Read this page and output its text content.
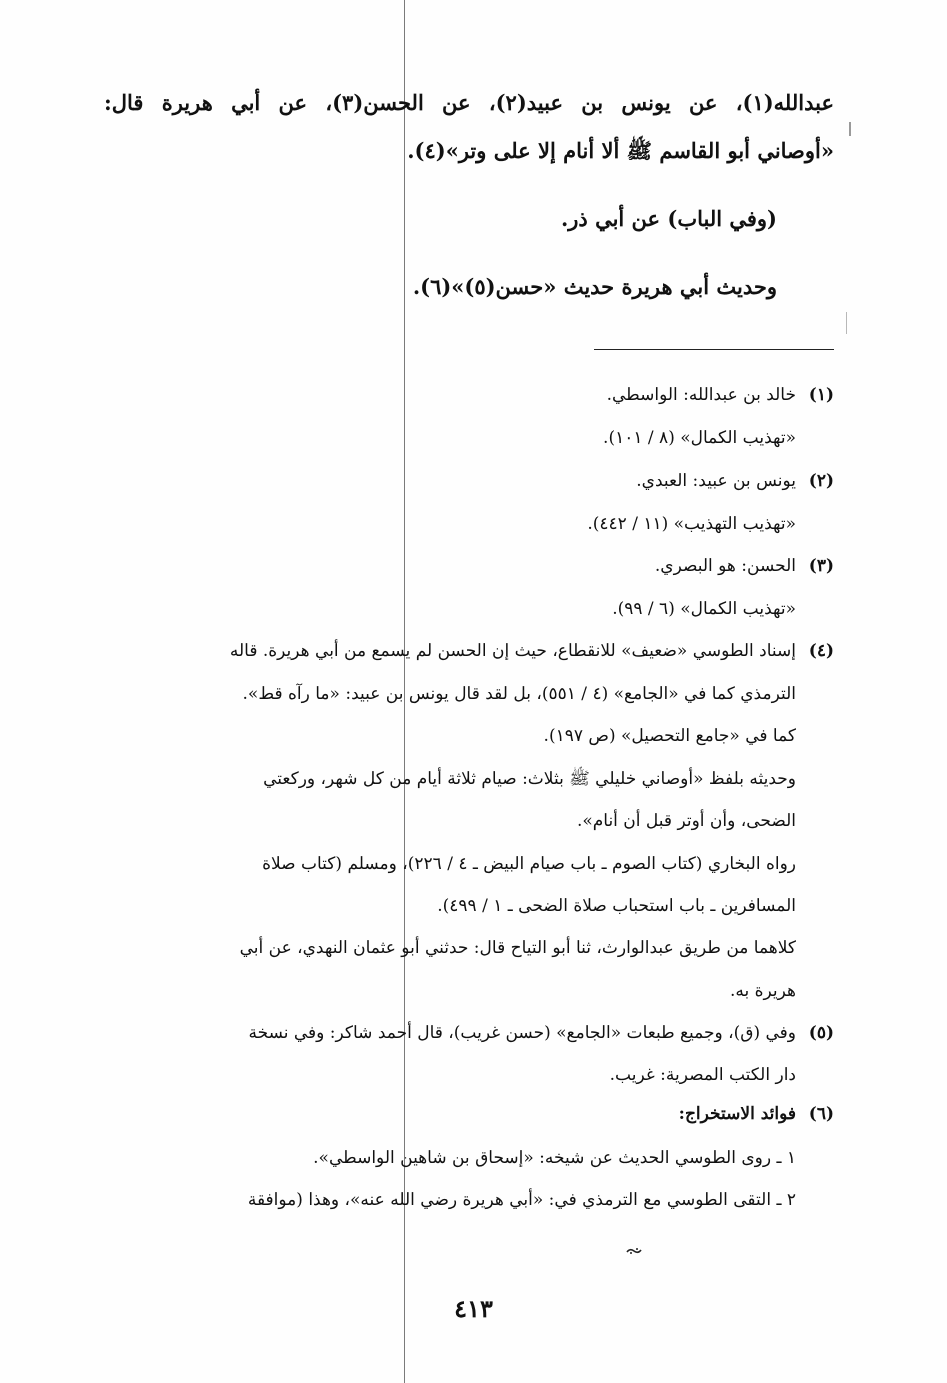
عبدالله(١)، عن يونس بن عبيد(٢)، عن الحسن(٣)، عن أبي هريرة قال:
«أوصاني أبو القاسم ﷺ ألا أنام إلا على وتر»(٤).
(وفي الباب) عن أبي ذر.
وحديث أبي هريرة حديث «حسن(٥)»(٦).
(١)خالد بن عبدالله: الواسطي.
«تهذيب الكمال» (٨ / ١٠١).
(٢)يونس بن عبيد: العبدي.
«تهذيب التهذيب» (١١ / ٤٤٢).
(٣)الحسن: هو البصري.
«تهذيب الكمال» (٦ / ٩٩).
(٤)إسناد الطوسي «ضعيف» للانقطاع، حيث إن الحسن لم يسمع من أبي هريرة. قاله
الترمذي كما في «الجامع» (٤ / ٥٥١)، بل لقد قال يونس بن عبيد: «ما رآه قط».
كما في «جامع التحصيل» (ص ١٩٧).
وحديثه بلفظ «أوصاني خليلي ﷺ بثلاث: صيام ثلاثة أيام من كل شهر، وركعتي
الضحى، وأن أوتر قبل أن أنام».
رواه البخاري (كتاب الصوم ـ باب صيام البيض ـ ٤ / ٢٢٦)، ومسلم (كتاب صلاة
المسافرين ـ باب استحباب صلاة الضحى ـ ١ / ٤٩٩).
كلاهما من طريق عبدالوارث، ثنا أبو التياح قال: حدثني أبو عثمان النهدي، عن أبي
هريرة به.
(٥)وفي (ق)، وجميع طبعات «الجامع» (حسن غريب)، قال أحمد شاكر: وفي نسخة
دار الكتب المصرية: غريب.
(٦)فوائد الاستخراج:
١ ـ روى الطوسي الحديث عن شيخه: «إسحاق بن شاهين الواسطي».
٢ ـ التقى الطوسي مع الترمذي في: «أبي هريرة رضي الله عنه»، وهذا (موافقة
٤١٣
